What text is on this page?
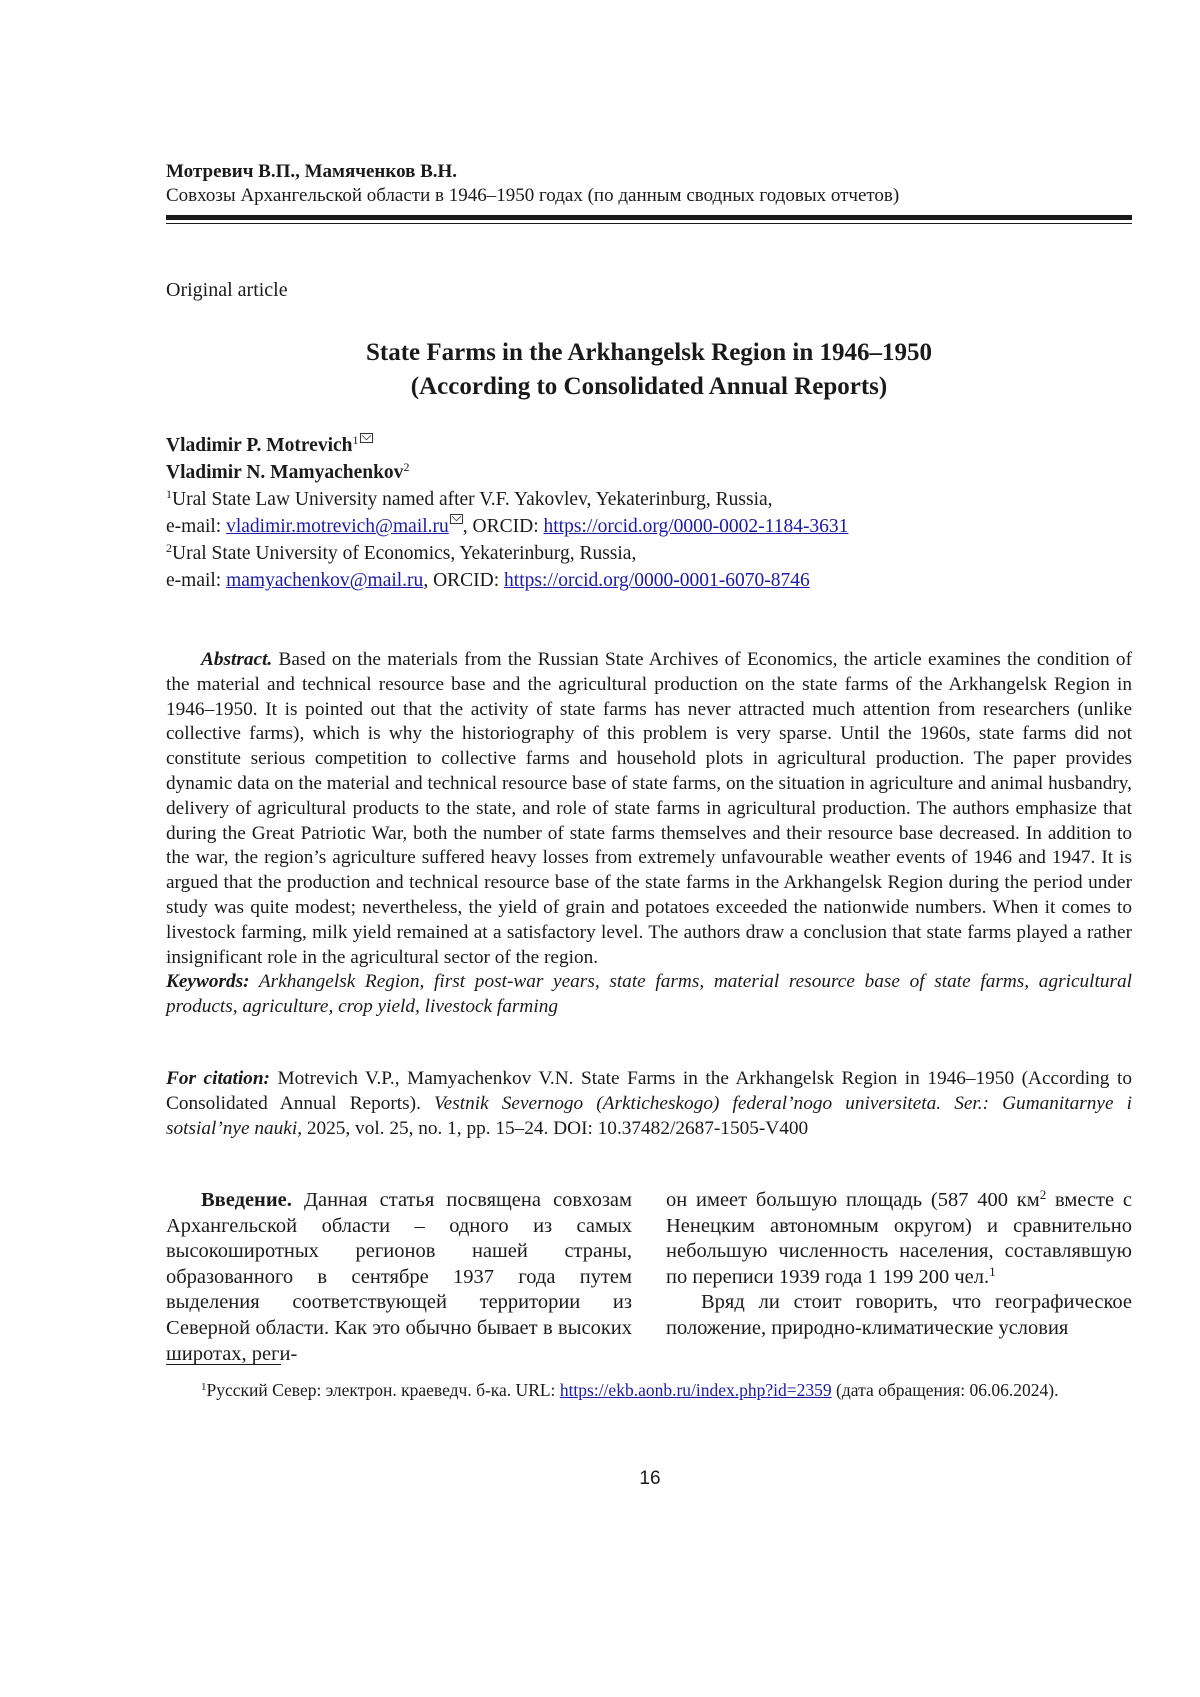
Мотревич В.П., Мамяченков В.Н.
Совхозы Архангельской области в 1946–1950 годах (по данным сводных годовых отчетов)
Original article
State Farms in the Arkhangelsk Region in 1946–1950
(According to Consolidated Annual Reports)
Vladimir P. Motrevich1
Vladimir N. Mamyachenkov2
1Ural State Law University named after V.F. Yakovlev, Yekaterinburg, Russia,
e-mail: vladimir.motrevich@mail.ru , ORCID: https://orcid.org/0000-0002-1184-3631
2Ural State University of Economics, Yekaterinburg, Russia,
e-mail: mamyachenkov@mail.ru, ORCID: https://orcid.org/0000-0001-6070-8746

Abstract. Based on the materials from the Russian State Archives of Economics, the article examines the condition of the material and technical resource base and the agricultural production on the state farms of the Arkhangelsk Region in 1946–1950. It is pointed out that the activity of state farms has never attracted much attention from researchers (unlike collective farms), which is why the historiography of this problem is very sparse. Until the 1960s, state farms did not constitute serious competition to collective farms and household plots in agricultural production. The paper provides dynamic data on the material and technical resource base of state farms, on the situation in agriculture and animal husbandry, delivery of agricultural products to the state, and role of state farms in agricultural production. The authors emphasize that during the Great Patriotic War, both the number of state farms themselves and their resource base decreased. In addition to the war, the region’s agriculture suffered heavy losses from extremely unfavourable weather events of 1946 and 1947. It is argued that the production and technical resource base of the state farms in the Arkhangelsk Region during the period under study was quite modest; nevertheless, the yield of grain and potatoes exceeded the nationwide numbers. When it comes to livestock farming, milk yield remained at a satisfactory level. The authors draw a conclusion that state farms played a rather insignificant role in the agricultural sector of the region.

Keywords: Arkhangelsk Region, first post-war years, state farms, material resource base of state farms, agricultural products, agriculture, crop yield, livestock farming

For citation: Motrevich V.P., Mamyachenkov V.N. State Farms in the Arkhangelsk Region in 1946–1950 (According to Consolidated Annual Reports). Vestnik Severnogo (Arkticheskogo) federal’nogo universiteta. Ser.: Gumanitarnye i sotsial’nye nauki, 2025, vol. 25, no. 1, pp. 15–24. DOI: 10.37482/2687-1505-V400

Введение. Данная статья посвящена совхозам Архангельской области – одного из самых высокоширотных регионов нашей страны, образованного в сентябре 1937 года путем выделения соответствующей территории из Северной области. Как это обычно бывает в высоких широтах, реги-

он имеет большую площадь (587 400 км2 вместе с Ненецким автономным округом) и сравнительно небольшую численность населения, составлявшую по переписи 1939 года 1 199 200 чел.1

Вряд ли стоит говорить, что географическое положение, природно-климатические условия

1Русский Север: электрон. краеведч. б-ка. URL: https://ekb.aonb.ru/index.php?id=2359 (дата обращения: 06.06.2024).

16
